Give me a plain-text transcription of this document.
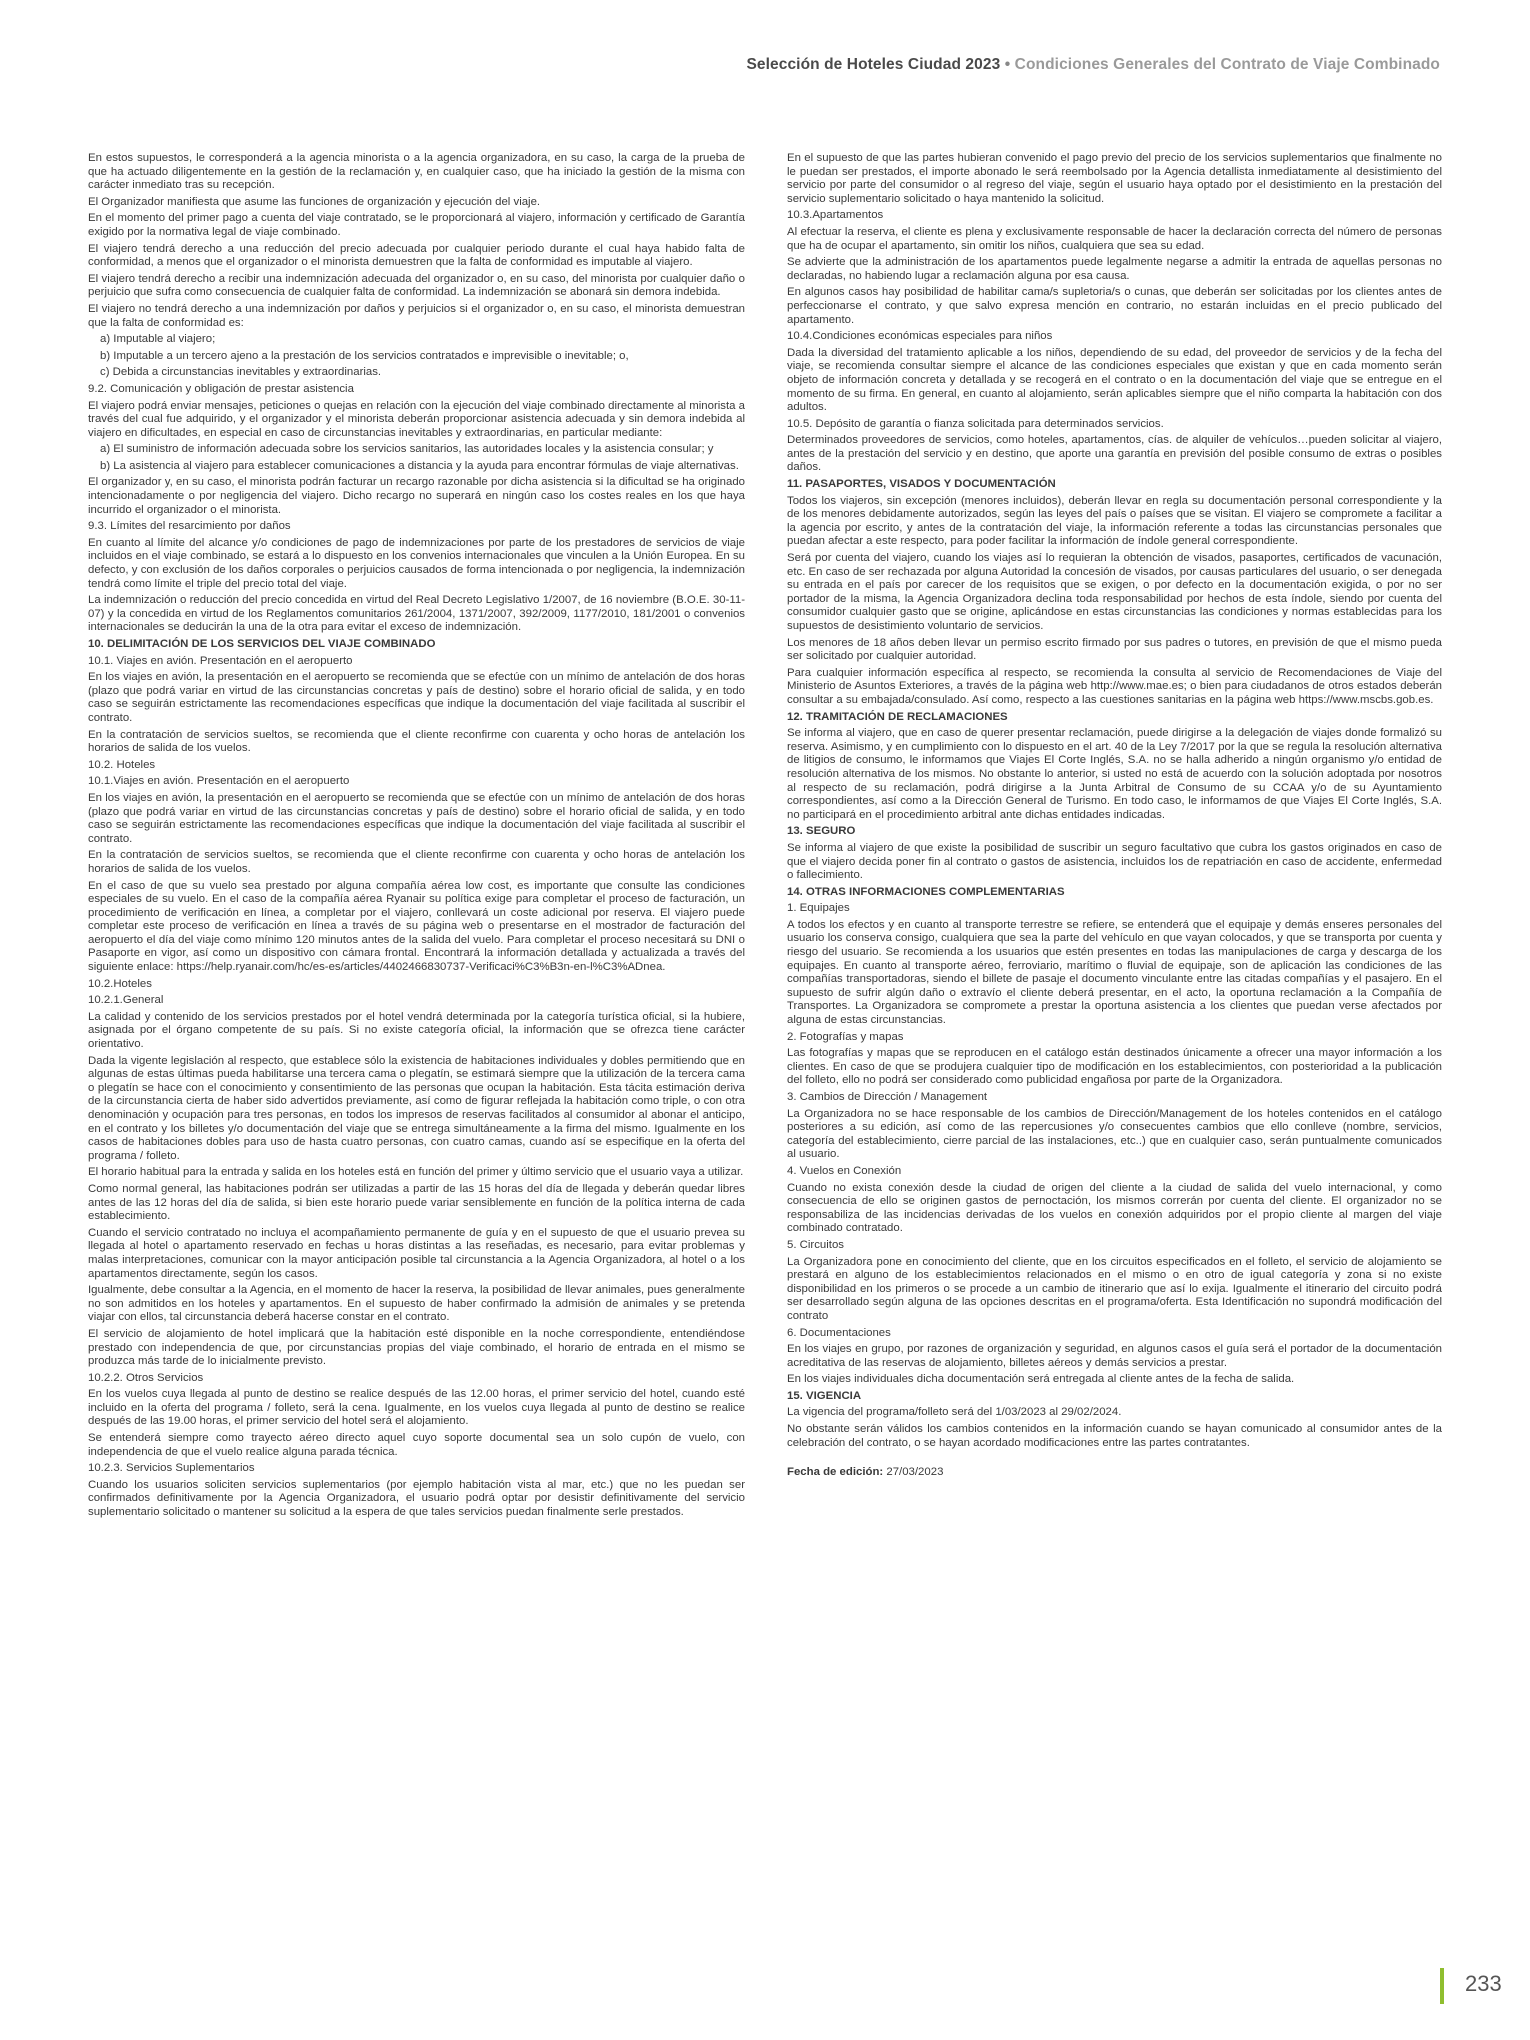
Selección de Hoteles Ciudad 2023 • Condiciones Generales del Contrato de Viaje Combinado

En estos supuestos, le corresponderá a la agencia minorista o a la agencia organizadora, en su caso, la carga de la prueba de que ha actuado diligentemente en la gestión de la reclamación y, en cualquier caso, que ha iniciado la gestión de la misma con carácter inmediato tras su recepción.

El Organizador manifiesta que asume las funciones de organización y ejecución del viaje.

En el momento del primer pago a cuenta del viaje contratado, se le proporcionará al viajero, información y certificado de Garantía exigido por la normativa legal de viaje combinado.

El viajero tendrá derecho a una reducción del precio adecuada por cualquier periodo durante el cual haya habido falta de conformidad, a menos que el organizador o el minorista demuestren que la falta de conformidad es imputable al viajero.

El viajero tendrá derecho a recibir una indemnización adecuada del organizador o, en su caso, del minorista por cualquier daño o perjuicio que sufra como consecuencia de cualquier falta de conformidad. La indemnización se abonará sin demora indebida.

El viajero no tendrá derecho a una indemnización por daños y perjuicios si el organizador o, en su caso, el minorista demuestran que la falta de conformidad es:

a) Imputable al viajero;

b) Imputable a un tercero ajeno a la prestación de los servicios contratados e imprevisible o inevitable; o,

c) Debida a circunstancias inevitables y extraordinarias.

9.2. Comunicación y obligación de prestar asistencia

El viajero podrá enviar mensajes, peticiones o quejas en relación con la ejecución del viaje combinado directamente al minorista a través del cual fue adquirido, y el organizador y el minorista deberán proporcionar asistencia adecuada y sin demora indebida al viajero en dificultades, en especial en caso de circunstancias inevitables y extraordinarias, en particular mediante:

a) El suministro de información adecuada sobre los servicios sanitarios, las autoridades locales y la asistencia consular; y

b) La asistencia al viajero para establecer comunicaciones a distancia y la ayuda para encontrar fórmulas de viaje alternativas.

El organizador y, en su caso, el minorista podrán facturar un recargo razonable por dicha asistencia si la dificultad se ha originado intencionadamente o por negligencia del viajero. Dicho recargo no superará en ningún caso los costes reales en los que haya incurrido el organizador o el minorista.

9.3. Límites del resarcimiento por daños

En cuanto al límite del alcance y/o condiciones de pago de indemnizaciones por parte de los prestadores de servicios de viaje incluidos en el viaje combinado, se estará a lo dispuesto en los convenios internacionales que vinculen a la Unión Europea. En su defecto, y con exclusión de los daños corporales o perjuicios causados de forma intencionada o por negligencia, la indemnización tendrá como límite el triple del precio total del viaje.

La indemnización o reducción del precio concedida en virtud del Real Decreto Legislativo 1/2007, de 16 noviembre (B.O.E. 30-11-07) y la concedida en virtud de los Reglamentos comunitarios 261/2004, 1371/2007, 392/2009, 1177/2010, 181/2001 o convenios internacionales se deducirán la una de la otra para evitar el exceso de indemnización.

10. DELIMITACIÓN DE LOS SERVICIOS DEL VIAJE COMBINADO

10.1. Viajes en avión. Presentación en el aeropuerto

En los viajes en avión, la presentación en el aeropuerto se recomienda que se efectúe con un mínimo de antelación de dos horas (plazo que podrá variar en virtud de las circunstancias concretas y país de destino) sobre el horario oficial de salida, y en todo caso se seguirán estrictamente las recomendaciones específicas que indique la documentación del viaje facilitada al suscribir el contrato.

En la contratación de servicios sueltos, se recomienda que el cliente reconfirme con cuarenta y ocho horas de antelación los horarios de salida de los vuelos.

10.2. Hoteles

10.1.Viajes en avión. Presentación en el aeropuerto

En los viajes en avión, la presentación en el aeropuerto se recomienda que se efectúe con un mínimo de antelación de dos horas (plazo que podrá variar en virtud de las circunstancias concretas y país de destino) sobre el horario oficial de salida, y en todo caso se seguirán estrictamente las recomendaciones específicas que indique la documentación del viaje facilitada al suscribir el contrato.

En la contratación de servicios sueltos, se recomienda que el cliente reconfirme con cuarenta y ocho horas de antelación los horarios de salida de los vuelos.

En el caso de que su vuelo sea prestado por alguna compañía aérea low cost, es importante que consulte las condiciones especiales de su vuelo. En el caso de la compañía aérea Ryanair su política exige para completar el proceso de facturación, un procedimiento de verificación en línea, a completar por el viajero, conllevará un coste adicional por reserva. El viajero puede completar este proceso de verificación en línea a través de su página web o presentarse en el mostrador de facturación del aeropuerto el día del viaje como mínimo 120 minutos antes de la salida del vuelo. Para completar el proceso necesitará su DNI o Pasaporte en vigor, así como un dispositivo con cámara frontal. Encontrará la información detallada y actualizada a través del siguiente enlace: https://help.ryanair.com/hc/es-es/articles/4402466830737-Verificaci%C3%B3n-en-l%C3%ADnea.

10.2.Hoteles

10.2.1.General

La calidad y contenido de los servicios prestados por el hotel vendrá determinada por la categoría turística oficial, si la hubiere, asignada por el órgano competente de su país. Si no existe categoría oficial, la información que se ofrezca tiene carácter orientativo.

Dada la vigente legislación al respecto, que establece sólo la existencia de habitaciones individuales y dobles permitiendo que en algunas de estas últimas pueda habilitarse una tercera cama o plegatín, se estimará siempre que la utilización de la tercera cama o plegatín se hace con el conocimiento y consentimiento de las personas que ocupan la habitación. Esta tácita estimación deriva de la circunstancia cierta de haber sido advertidos previamente, así como de figurar reflejada la habitación como triple, o con otra denominación y ocupación para tres personas, en todos los impresos de reservas facilitados al consumidor al abonar el anticipo, en el contrato y los billetes y/o documentación del viaje que se entrega simultáneamente a la firma del mismo. Igualmente en los casos de habitaciones dobles para uso de hasta cuatro personas, con cuatro camas, cuando así se especifique en la oferta del programa / folleto.

El horario habitual para la entrada y salida en los hoteles está en función del primer y último servicio que el usuario vaya a utilizar.

Como normal general, las habitaciones podrán ser utilizadas a partir de las 15 horas del día de llegada y deberán quedar libres antes de las 12 horas del día de salida, si bien este horario puede variar sensiblemente en función de la política interna de cada establecimiento.

Cuando el servicio contratado no incluya el acompañamiento permanente de guía y en el supuesto de que el usuario prevea su llegada al hotel o apartamento reservado en fechas u horas distintas a las reseñadas, es necesario, para evitar problemas y malas interpretaciones, comunicar con la mayor anticipación posible tal circunstancia a la Agencia Organizadora, al hotel o a los apartamentos directamente, según los casos.

Igualmente, debe consultar a la Agencia, en el momento de hacer la reserva, la posibilidad de llevar animales, pues generalmente no son admitidos en los hoteles y apartamentos. En el supuesto de haber confirmado la admisión de animales y se pretenda viajar con ellos, tal circunstancia deberá hacerse constar en el contrato.

El servicio de alojamiento de hotel implicará que la habitación esté disponible en la noche correspondiente, entendiéndose prestado con independencia de que, por circunstancias propias del viaje combinado, el horario de entrada en el mismo se produzca más tarde de lo inicialmente previsto.

10.2.2. Otros Servicios

En los vuelos cuya llegada al punto de destino se realice después de las 12.00 horas, el primer servicio del hotel, cuando esté incluido en la oferta del programa / folleto, será la cena. Igualmente, en los vuelos cuya llegada al punto de destino se realice después de las 19.00 horas, el primer servicio del hotel será el alojamiento.

Se entenderá siempre como trayecto aéreo directo aquel cuyo soporte documental sea un solo cupón de vuelo, con independencia de que el vuelo realice alguna parada técnica.

10.2.3. Servicios Suplementarios

Cuando los usuarios soliciten servicios suplementarios (por ejemplo habitación vista al mar, etc.) que no les puedan ser confirmados definitivamente por la Agencia Organizadora, el usuario podrá optar por desistir definitivamente del servicio suplementario solicitado o mantener su solicitud a la espera de que tales servicios puedan finalmente serle prestados.

En el supuesto de que las partes hubieran convenido el pago previo del precio de los servicios suplementarios que finalmente no le puedan ser prestados, el importe abonado le será reembolsado por la Agencia detallista inmediatamente al desistimiento del servicio por parte del consumidor o al regreso del viaje, según el usuario haya optado por el desistimiento en la prestación del servicio suplementario solicitado o haya mantenido la solicitud.

10.3.Apartamentos

Al efectuar la reserva, el cliente es plena y exclusivamente responsable de hacer la declaración correcta del número de personas que ha de ocupar el apartamento, sin omitir los niños, cualquiera que sea su edad.

Se advierte que la administración de los apartamentos puede legalmente negarse a admitir la entrada de aquellas personas no declaradas, no habiendo lugar a reclamación alguna por esa causa.

En algunos casos hay posibilidad de habilitar cama/s supletoria/s o cunas, que deberán ser solicitadas por los clientes antes de perfeccionarse el contrato, y que salvo expresa mención en contrario, no estarán incluidas en el precio publicado del apartamento.

10.4.Condiciones económicas especiales para niños

Dada la diversidad del tratamiento aplicable a los niños, dependiendo de su edad, del proveedor de servicios y de la fecha del viaje, se recomienda consultar siempre el alcance de las condiciones especiales que existan y que en cada momento serán objeto de información concreta y detallada y se recogerá en el contrato o en la documentación del viaje que se entregue en el momento de su firma. En general, en cuanto al alojamiento, serán aplicables siempre que el niño comparta la habitación con dos adultos.

10.5. Depósito de garantía o fianza solicitada para determinados servicios.

Determinados proveedores de servicios, como hoteles, apartamentos, cías. de alquiler de vehículos…pueden solicitar al viajero, antes de la prestación del servicio y en destino, que aporte una garantía en previsión del posible consumo de extras o posibles daños.

11. PASAPORTES, VISADOS Y DOCUMENTACIÓN

Todos los viajeros, sin excepción (menores incluidos), deberán llevar en regla su documentación personal correspondiente y la de los menores debidamente autorizados, según las leyes del país o países que se visitan. El viajero se compromete a facilitar a la agencia por escrito, y antes de la contratación del viaje, la información referente a todas las circunstancias personales que puedan afectar a este respecto, para poder facilitar la información de índole general correspondiente.

Será por cuenta del viajero, cuando los viajes así lo requieran la obtención de visados, pasaportes, certificados de vacunación, etc. En caso de ser rechazada por alguna Autoridad la concesión de visados, por causas particulares del usuario, o ser denegada su entrada en el país por carecer de los requisitos que se exigen, o por defecto en la documentación exigida, o por no ser portador de la misma, la Agencia Organizadora declina toda responsabilidad por hechos de esta índole, siendo por cuenta del consumidor cualquier gasto que se origine, aplicándose en estas circunstancias las condiciones y normas establecidas para los supuestos de desistimiento voluntario de servicios.

Los menores de 18 años deben llevar un permiso escrito firmado por sus padres o tutores, en previsión de que el mismo pueda ser solicitado por cualquier autoridad.

Para cualquier información específica al respecto, se recomienda la consulta al servicio de Recomendaciones de Viaje del Ministerio de Asuntos Exteriores, a través de la página web http://www.mae.es; o bien para ciudadanos de otros estados deberán consultar a su embajada/consulado. Así como, respecto a las cuestiones sanitarias en la página web https://www.mscbs.gob.es.

12. TRAMITACIÓN DE RECLAMACIONES

Se informa al viajero, que en caso de querer presentar reclamación, puede dirigirse a la delegación de viajes donde formalizó su reserva. Asimismo, y en cumplimiento con lo dispuesto en el art. 40 de la Ley 7/2017 por la que se regula la resolución alternativa de litigios de consumo, le informamos que Viajes El Corte Inglés, S.A. no se halla adherido a ningún organismo y/o entidad de resolución alternativa de los mismos. No obstante lo anterior, si usted no está de acuerdo con la solución adoptada por nosotros al respecto de su reclamación, podrá dirigirse a la Junta Arbitral de Consumo de su CCAA y/o de su Ayuntamiento correspondientes, así como a la Dirección General de Turismo. En todo caso, le informamos de que Viajes El Corte Inglés, S.A. no participará en el procedimiento arbitral ante dichas entidades indicadas.

13. SEGURO

Se informa al viajero de que existe la posibilidad de suscribir un seguro facultativo que cubra los gastos originados en caso de que el viajero decida poner fin al contrato o gastos de asistencia, incluidos los de repatriación en caso de accidente, enfermedad o fallecimiento.

14. OTRAS INFORMACIONES COMPLEMENTARIAS

1. Equipajes

A todos los efectos y en cuanto al transporte terrestre se refiere, se entenderá que el equipaje y demás enseres personales del usuario los conserva consigo, cualquiera que sea la parte del vehículo en que vayan colocados, y que se transporta por cuenta y riesgo del usuario. Se recomienda a los usuarios que estén presentes en todas las manipulaciones de carga y descarga de los equipajes. En cuanto al transporte aéreo, ferroviario, marítimo o fluvial de equipaje, son de aplicación las condiciones de las compañías transportadoras, siendo el billete de pasaje el documento vinculante entre las citadas compañías y el pasajero. En el supuesto de sufrir algún daño o extravío el cliente deberá presentar, en el acto, la oportuna reclamación a la Compañía de Transportes. La Organizadora se compromete a prestar la oportuna asistencia a los clientes que puedan verse afectados por alguna de estas circunstancias.

2. Fotografías y mapas

Las fotografías y mapas que se reproducen en el catálogo están destinados únicamente a ofrecer una mayor información a los clientes. En caso de que se produjera cualquier tipo de modificación en los establecimientos, con posterioridad a la publicación del folleto, ello no podrá ser considerado como publicidad engañosa por parte de la Organizadora.

3. Cambios de Dirección / Management

La Organizadora no se hace responsable de los cambios de Dirección/Management de los hoteles contenidos en el catálogo posteriores a su edición, así como de las repercusiones y/o consecuentes cambios que ello conlleve (nombre, servicios, categoría del establecimiento, cierre parcial de las instalaciones, etc..) que en cualquier caso, serán puntualmente comunicados al usuario.

4. Vuelos en Conexión

Cuando no exista conexión desde la ciudad de origen del cliente a la ciudad de salida del vuelo internacional, y como consecuencia de ello se originen gastos de pernoctación, los mismos correrán por cuenta del cliente. El organizador no se responsabiliza de las incidencias derivadas de los vuelos en conexión adquiridos por el propio cliente al margen del viaje combinado contratado.

5. Circuitos

La Organizadora pone en conocimiento del cliente, que en los circuitos especificados en el folleto, el servicio de alojamiento se prestará en alguno de los establecimientos relacionados en el mismo o en otro de igual categoría y zona si no existe disponibilidad en los primeros o se procede a un cambio de itinerario que así lo exija. Igualmente el itinerario del circuito podrá ser desarrollado según alguna de las opciones descritas en el programa/oferta. Esta Identificación no supondrá modificación del contrato

6. Documentaciones

En los viajes en grupo, por razones de organización y seguridad, en algunos casos el guía será el portador de la documentación acreditativa de las reservas de alojamiento, billetes aéreos y demás servicios a prestar.

En los viajes individuales dicha documentación será entregada al cliente antes de la fecha de salida.

15. VIGENCIA

La vigencia del programa/folleto será del 1/03/2023 al 29/02/2024.

No obstante serán válidos los cambios contenidos en la información cuando se hayan comunicado al consumidor antes de la celebración del contrato, o se hayan acordado modificaciones entre las partes contratantes.

Fecha de edición: 27/03/2023

233
